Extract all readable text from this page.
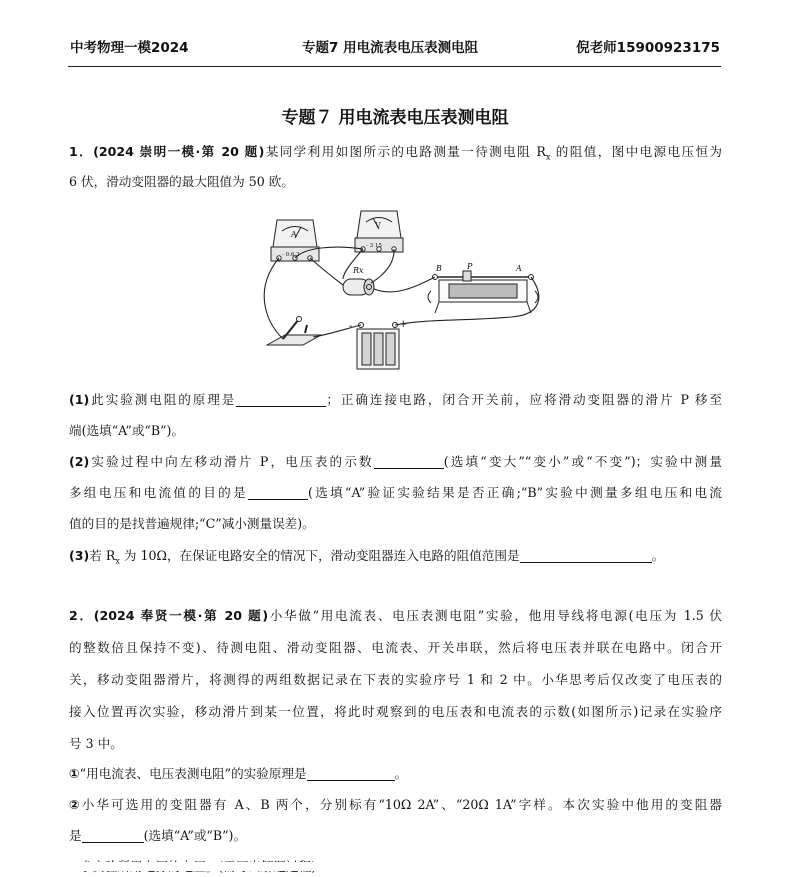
中考物理一模2024	专题7 用电流表电压表测电阻	倪老师15900923175
专题７ 用电流表电压表测电阻
1．(2024 崇明一模·第 20 题)某同学利用如图所示的电路测量一待测电阻 $R_x$ 的阻值，图中电源电压恒为
6 伏，滑动变阻器的最大阻值为 50 欧。
A
- 0.6 3
V
- 3 15
Rx	B	P	A
-	+
(1)此实验测电阻的原理是	；正确连接电路，闭合开关前，应将滑动变阻器的滑片 P 移至
端(选填“A”或“B”)。
(2)实验过程中向左移动滑片 P，电压表的示数	(选填“变大”“变小”或“不变”)；实验中测量
多组电压和电流值的目的是	(选填“A”验证实验结果是否正确;“B”实验中测量多组电压和电流
值的目的是找普遍规律;“C”减小测量误差)。
(3)若 $R_x$ 为 10Ω，在保证电路安全的情况下，滑动变阻器连入电路的阻值范围是	。
2．(2024 奉贤一模·第 20 题)小华做“用电流表、电压表测电阻”实验，他用导线将电源(电压为 1.5 伏
的整数倍且保持不变)、待测电阻、滑动变阻器、电流表、开关串联，然后将电压表并联在电路中。闭合开
关，移动变阻器滑片，将测得的两组数据记录在下表的实验序号 1 和 2 中。小华思考后仅改变了电压表的
接入位置再次实验，移动滑片到某一位置，将此时观察到的电压表和电流表的示数(如图所示)记录在实验序
号 3 中。
①“用电流表、电压表测电阻”的实验原理是	。
②小华可选用的变阻器有 A、B 两个，分别标有“10Ω 2A”、“20Ω 1A”字样。本次实验中他用的变阻器
是	(选填“A”或“B”)。
